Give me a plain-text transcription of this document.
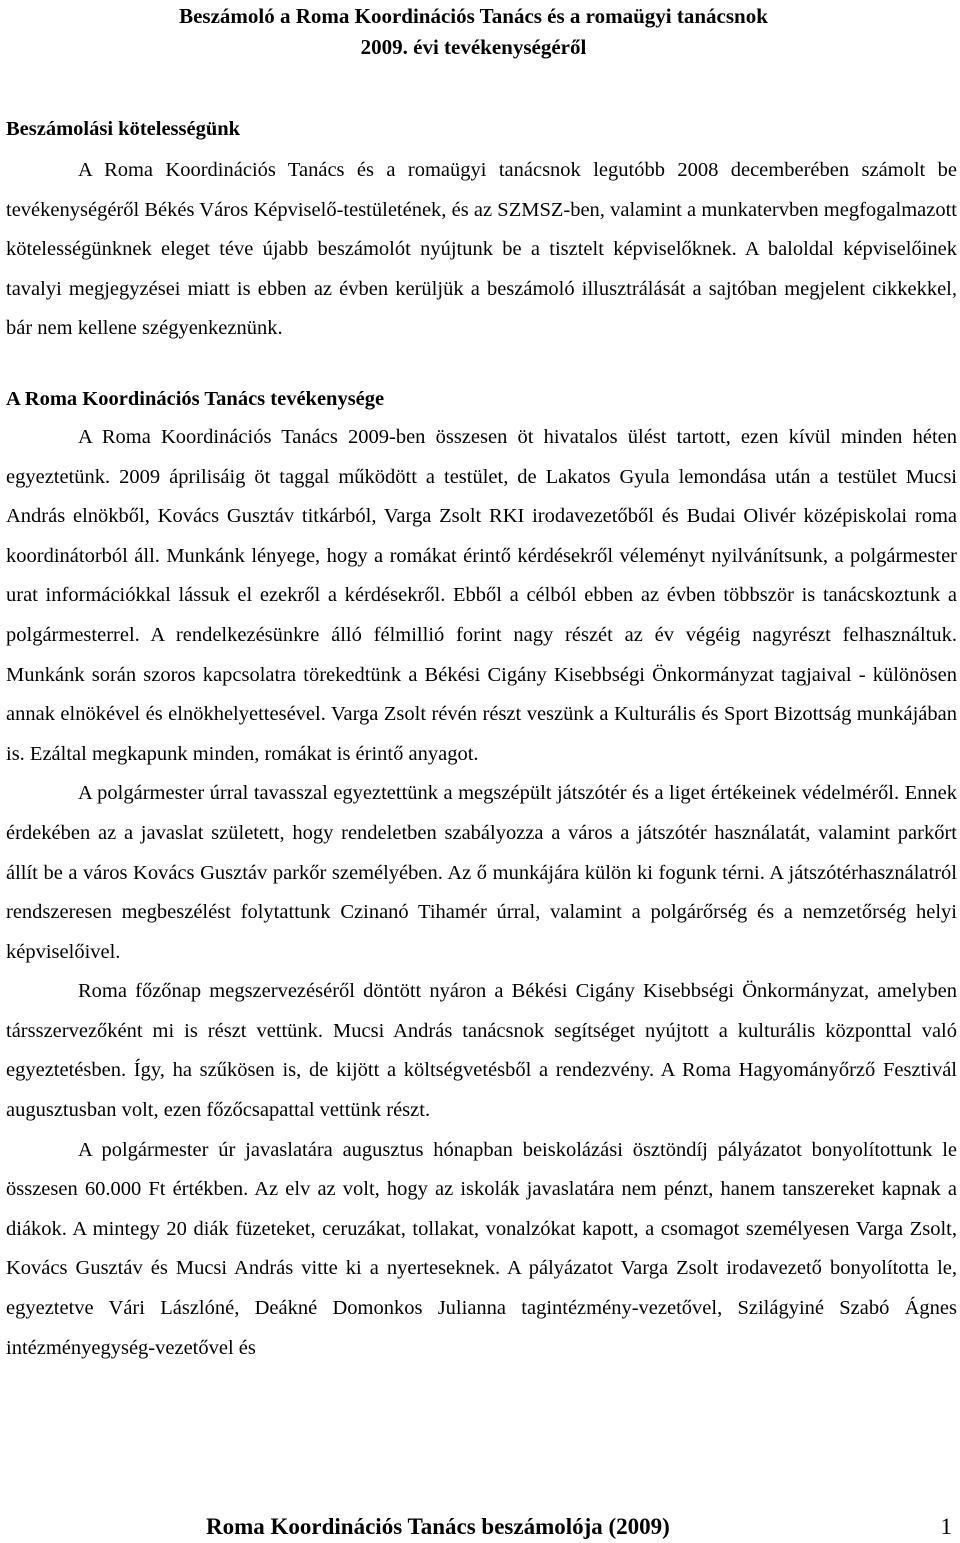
Beszámoló a Roma Koordinációs Tanács és a romaügyi tanácsnok
2009. évi tevékenységéről
Beszámolási kötelességünk

A Roma Koordinációs Tanács és a romaügyi tanácsnok legutóbb 2008 decemberében számolt be tevékenységéről Békés Város Képviselő-testületének, és az SZMSZ-ben, valamint a munkatervben megfogalmazott kötelességünknek eleget téve újabb beszámolót nyújtunk be a tisztelt képviselőknek. A baloldal képviselőinek tavalyi megjegyzései miatt is ebben az évben kerüljük a beszámoló illusztrálását a sajtóban megjelent cikkekkel, bár nem kellene szégyenkeznünk.

A Roma Koordinációs Tanács tevékenysége

A Roma Koordinációs Tanács 2009-ben összesen öt hivatalos ülést tartott, ezen kívül minden héten egyeztetünk. 2009 áprilisáig öt taggal működött a testület, de Lakatos Gyula lemondása után a testület Mucsi András elnökből, Kovács Gusztáv titkárból, Varga Zsolt RKI irodavezetőből és Budai Olivér középiskolai roma koordinátorból áll. Munkánk lényege, hogy a romákat érintő kérdésekről véleményt nyilvánítsunk, a polgármester urat információkkal lássuk el ezekről a kérdésekről. Ebből a célból ebben az évben többször is tanácskoztunk a polgármesterrel. A rendelkezésünkre álló félmillió forint nagy részét az év végéig nagyrészt felhasználtuk. Munkánk során szoros kapcsolatra törekedtünk a Békési Cigány Kisebbségi Önkormányzat tagjaival - különösen annak elnökével és elnökhelyettesével. Varga Zsolt révén részt veszünk a Kulturális és Sport Bizottság munkájában is. Ezáltal megkapunk minden, romákat is érintő anyagot.

A polgármester úrral tavasszal egyeztettünk a megszépült játszótér és a liget értékeinek védelméről. Ennek érdekében az a javaslat született, hogy rendeletben szabályozza a város a játszótér használatát, valamint parkőrt állít be a város Kovács Gusztáv parkőr személyében. Az ő munkájára külön ki fogunk térni. A játszótérhasználatról rendszeresen megbeszélést folytattunk Czinanó Tihamér úrral, valamint a polgárőrség és a nemzetőrség helyi képviselőivel.

Roma főzőnap megszervezéséről döntött nyáron a Békési Cigány Kisebbségi Önkormányzat, amelyben társszervezőként mi is részt vettünk. Mucsi András tanácsnok segítséget nyújtott a kulturális központtal való egyeztetésben. Így, ha szűkösen is, de kijött a költségvetésből a rendezvény. A Roma Hagyományőrző Fesztivál augusztusban volt, ezen főzőcsapattal vettünk részt.

A polgármester úr javaslatára augusztus hónapban beiskolázási ösztöndíj pályázatot bonyolítottunk le összesen 60.000 Ft értékben. Az elv az volt, hogy az iskolák javaslatára nem pénzt, hanem tanszereket kapnak a diákok. A mintegy 20 diák füzeteket, ceruzákat, tollakat, vonalzókat kapott, a csomagot személyesen Varga Zsolt, Kovács Gusztáv és Mucsi András vitte ki a nyerteseknek. A pályázatot Varga Zsolt irodavezető bonyolította le, egyeztetve Vári Lászlóné, Deákné Domonkos Julianna tagintézmény-vezetővel, Szilágyiné Szabó Ágnes intézményegység-vezetővel és

Roma Koordinációs Tanács beszámolója (2009)	1
